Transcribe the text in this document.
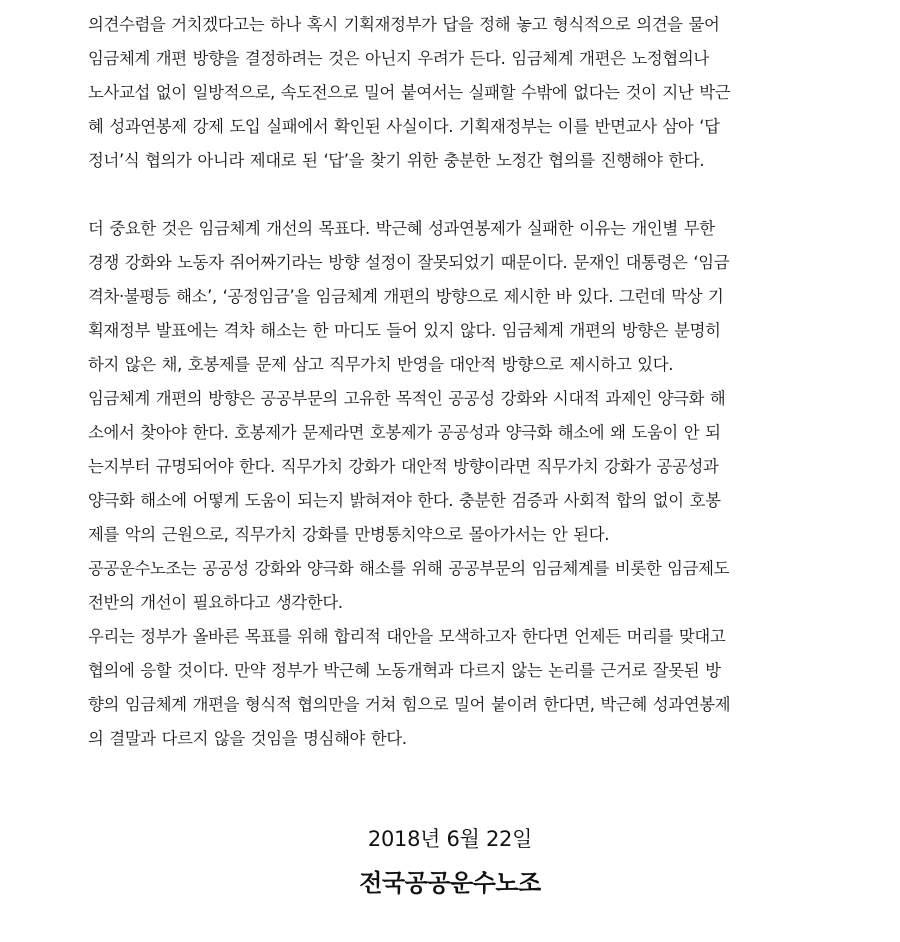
의견수렴을 거치겠다고는 하나 혹시 기획재정부가 답을 정해 놓고 형식적으로 의견을 물어
임금체계 개편 방향을 결정하려는 것은 아닌지 우려가 든다. 임금체계 개편은 노정협의나
노사교섭 없이 일방적으로, 속도전으로 밀어 붙여서는 실패할 수밖에 없다는 것이 지난 박근
혜 성과연봉제 강제 도입 실패에서 확인된 사실이다. 기획재정부는 이를 반면교사 삼아 ‘답
정너’식 협의가 아니라 제대로 된 ‘답’을 찾기 위한 충분한 노정간 협의를 진행해야 한다.
더 중요한 것은 임금체계 개선의 목표다. 박근혜 성과연봉제가 실패한 이유는 개인별 무한
경쟁 강화와 노동자 쥐어짜기라는 방향 설정이 잘못되었기 때문이다. 문재인 대통령은 ‘임금
격차·불평등 해소’, ‘공정임금’을 임금체계 개편의 방향으로 제시한 바 있다. 그런데 막상 기
획재정부 발표에는 격차 해소는 한 마디도 들어 있지 않다. 임금체계 개편의 방향은 분명히
하지 않은 채, 호봉제를 문제 삼고 직무가치 반영을 대안적 방향으로 제시하고 있다.
임금체계 개편의 방향은 공공부문의 고유한 목적인 공공성 강화와 시대적 과제인 양극화 해
소에서 찾아야 한다. 호봉제가 문제라면 호봉제가 공공성과 양극화 해소에 왜 도움이 안 되
는지부터 규명되어야 한다. 직무가치 강화가 대안적 방향이라면 직무가치 강화가 공공성과
양극화 해소에 어떻게 도움이 되는지 밝혀져야 한다. 충분한 검증과 사회적 합의 없이 호봉
제를 악의 근원으로, 직무가치 강화를 만병통치약으로 몰아가서는 안 된다.
공공운수노조는 공공성 강화와 양극화 해소를 위해 공공부문의 임금체계를 비롯한 임금제도
전반의 개선이 필요하다고 생각한다.
우리는 정부가 올바른 목표를 위해 합리적 대안을 모색하고자 한다면 언제든 머리를 맞대고
협의에 응할 것이다. 만약 정부가 박근혜 노동개혁과 다르지 않는 논리를 근거로 잘못된 방
향의 임금체계 개편을 형식적 협의만을 거쳐 힘으로 밀어 붙이려 한다면, 박근혜 성과연봉제
의 결말과 다르지 않을 것임을 명심해야 한다.
2018년 6월 22일
전국공공운수노조
